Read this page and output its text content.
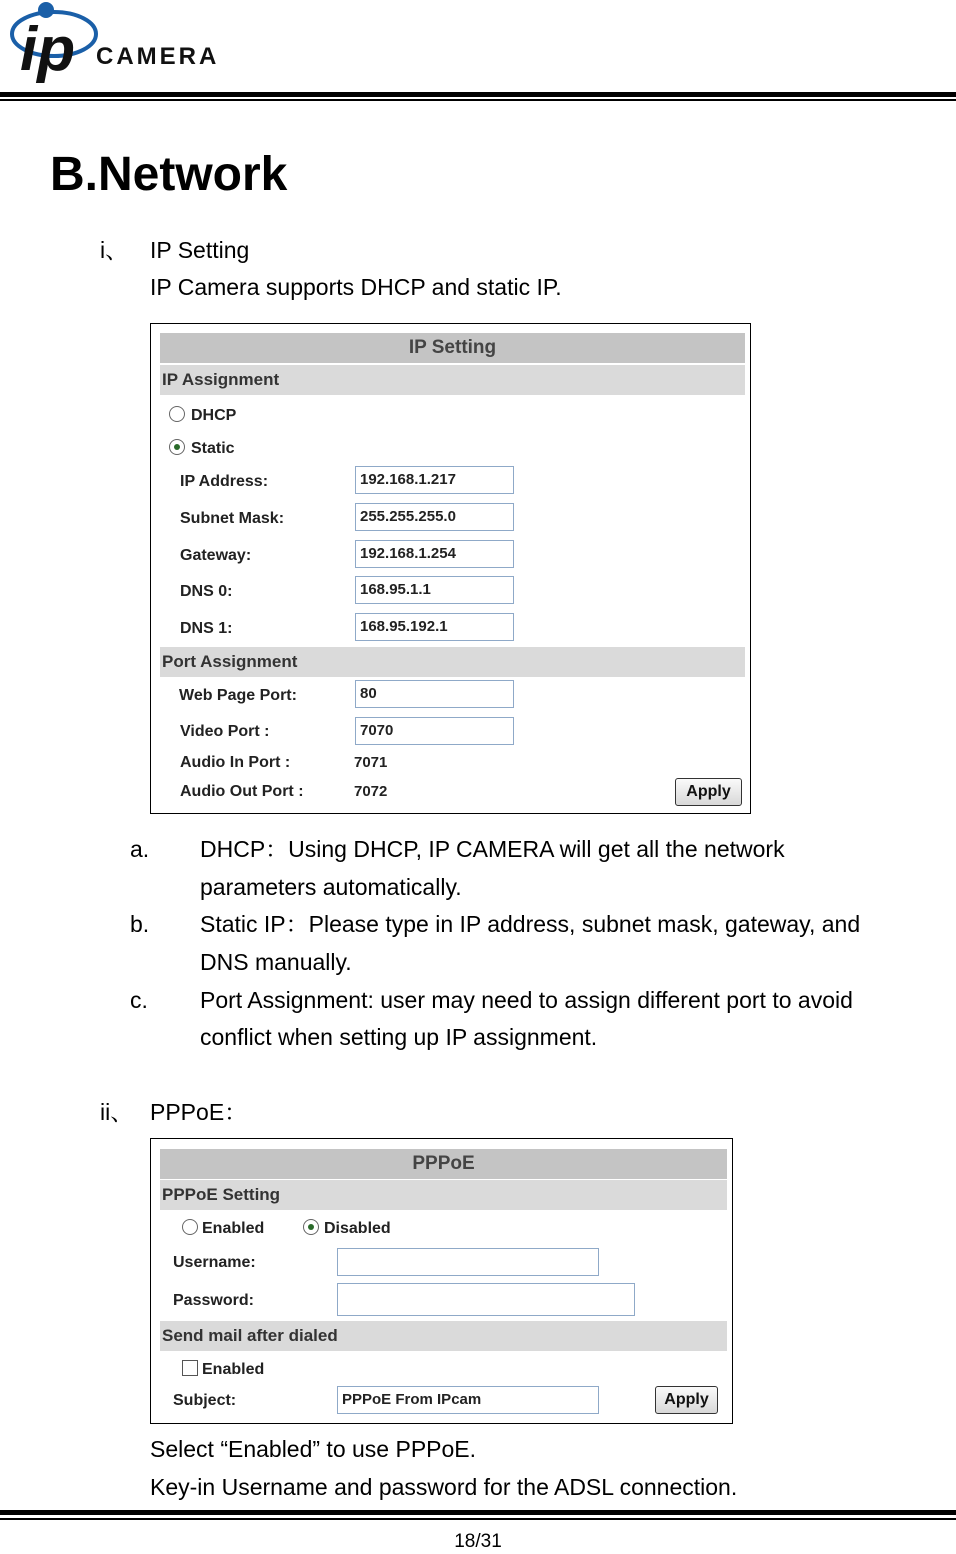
ip CAMERA
B.Network
i、 IP Setting
IP Camera supports DHCP and static IP.
IP Setting
IP Assignment
DHCP
Static
IP Address:	192.168.1.217
Subnet Mask:	255.255.255.0
Gateway:	192.168.1.254
DNS 0:	168.95.1.1
DNS 1:	168.95.192.1
Port Assignment
Web Page Port:	80
Video Port :	7070
Audio In Port :	7071
Audio Out Port :	7072	Apply
a. DHCP：Using DHCP, IP CAMERA will get all the network
parameters automatically.
b. Static IP：Please type in IP address, subnet mask, gateway, and
DNS manually.
c. Port Assignment: user may need to assign different port to avoid
conflict when setting up IP assignment.
ii、 PPPoE：
PPPoE
PPPoE Setting
Enabled	Disabled
Username:
Password:
Send mail after dialed
Enabled
Subject:	PPPoE From IPcam	Apply
Select “Enabled” to use PPPoE.
Key-in Username and password for the ADSL connection.
18/31
